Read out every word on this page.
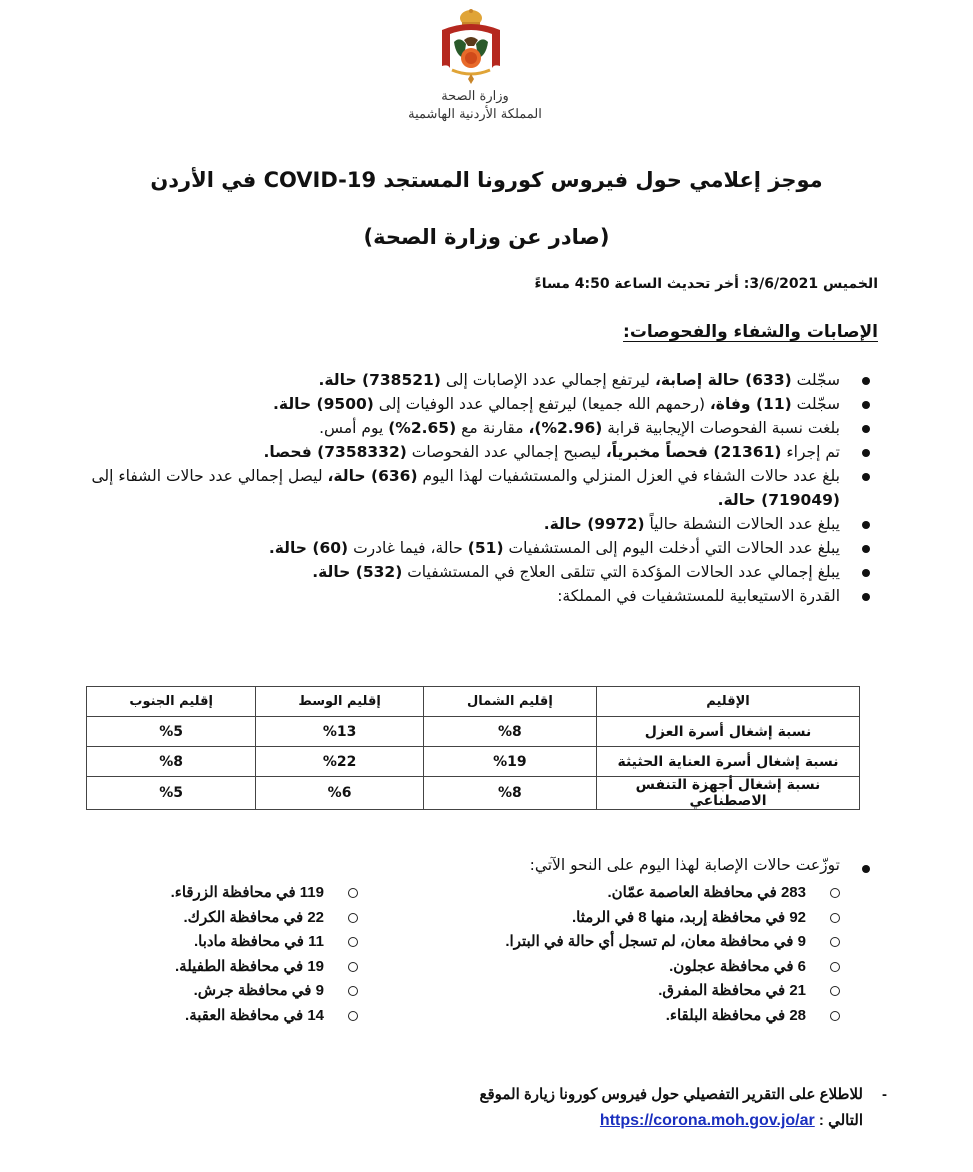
وزارة الصحة
المملكة الأردنية الهاشمية
موجز إعلامي حول فيروس كورونا المستجد COVID-19 في الأردن
(صادر عن وزارة الصحة)
الخميس 3/6/2021: أخر تحديث الساعة 4:50 مساءً
الإصابات والشفاء والفحوصات:
سجّلت (633) حالة إصابة، ليرتفع إجمالي عدد الإصابات إلى (738521) حالة.
سجّلت (11) وفاة، (رحمهم الله جميعا) ليرتفع إجمالي عدد الوفيات إلى (9500) حالة.
بلغت نسبة الفحوصات الإيجابية قرابة (2.96%)، مقارنة مع (2.65%) يوم أمس.
تم إجراء (21361) فحصاً مخبرياً، ليصبح إجمالي عدد الفحوصات (7358332) فحصا.
بلغ عدد حالات الشفاء في العزل المنزلي والمستشفيات لهذا اليوم (636) حالة، ليصل إجمالي عدد حالات الشفاء إلى (719049) حالة.
يبلغ عدد الحالات النشطة حالياً (9972) حالة.
يبلغ عدد الحالات التي أدخلت اليوم إلى المستشفيات (51) حالة، فيما غادرت (60) حالة.
يبلغ إجمالي عدد الحالات المؤكدة التي تتلقى العلاج في المستشفيات (532) حالة.
القدرة الاستيعابية للمستشفيات في المملكة:
الإقليم	إقليم الشمال	إقليم الوسط	إقليم الجنوب
نسبة إشغال أسرة العزل	%8	%13	%5
نسبة إشغال أسرة العناية الحثيثة	%19	%22	%8
نسبة إشغال أجهزة التنفس الاصطناعي	%8	%6	%5
توزّعت حالات الإصابة لهذا اليوم على النحو الآتي:
283 في محافظة العاصمة عمّان.
92 في محافظة إربد، منها 8 في الرمثا.
9 في محافظة معان، لم تسجل أي حالة في البترا.
6 في محافظة عجلون.
21 في محافظة المفرق.
28 في محافظة البلقاء.
119 في محافظة الزرقاء.
22 في محافظة الكرك.
11 في محافظة مادبا.
19 في محافظة الطفيلة.
9 في محافظة جرش.
14 في محافظة العقبة.
-
للاطلاع على التقرير التفصيلي حول فيروس كورونا زيارة الموقع
التالي : https://corona.moh.gov.jo/ar
